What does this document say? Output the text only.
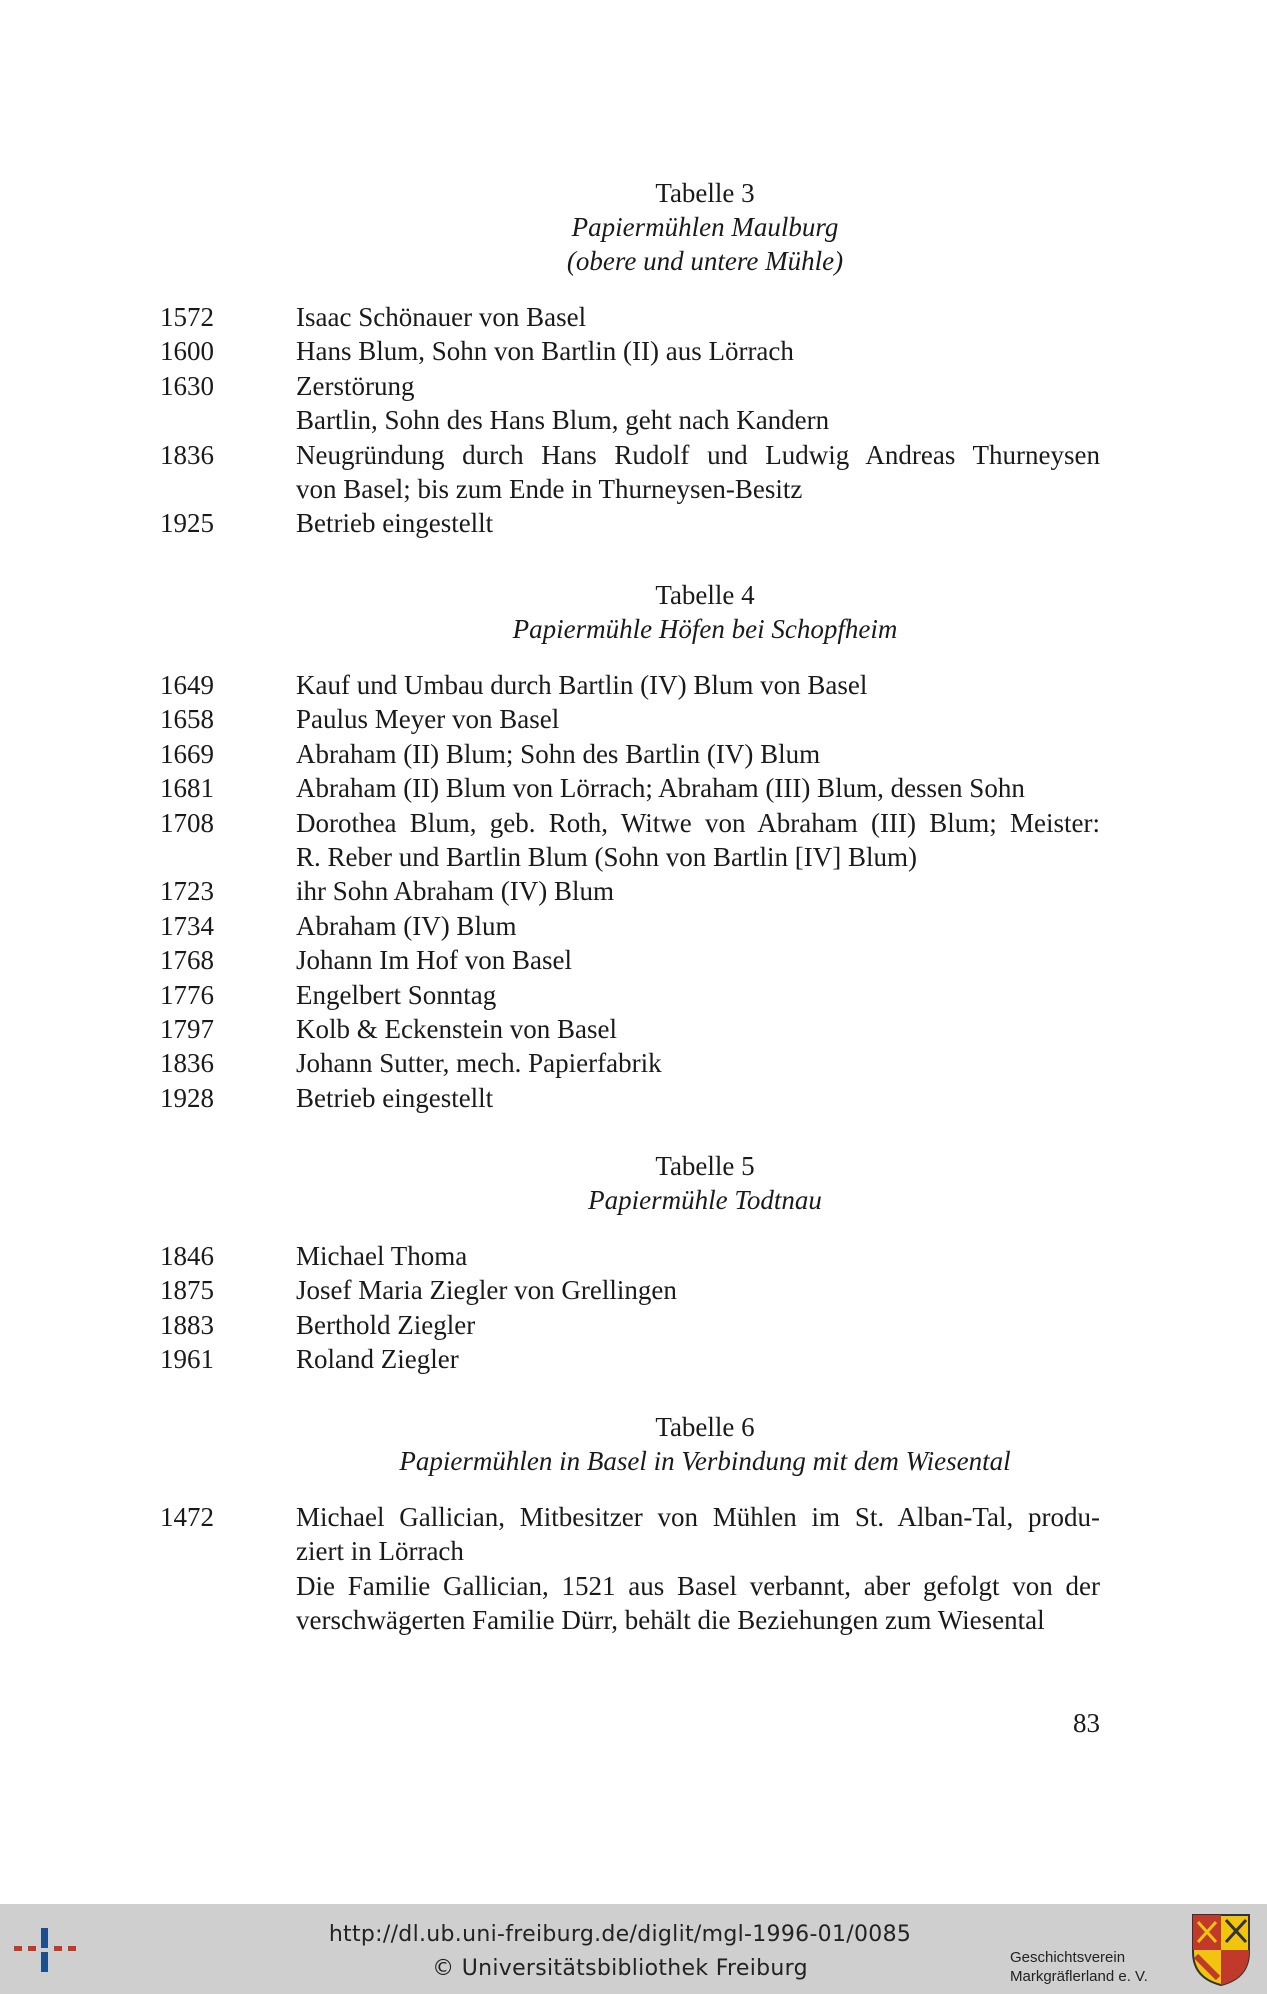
Tabelle 3

Papiermühlen Maulburg

(obere und untere Mühle)

1572	Isaac Schönauer von Basel
1600	Hans Blum, Sohn von Bartlin (II) aus Lörrach
1630	Zerstörung
Bartlin, Sohn des Hans Blum, geht nach Kandern
1836	Neugründung durch Hans Rudolf und Ludwig Andreas Thurneysen
von Basel; bis zum Ende in Thurneysen-Besitz
1925	Betrieb eingestellt

Tabelle 4

Papiermühle Höfen bei Schopfheim

1649	Kauf und Umbau durch Bartlin (IV) Blum von Basel
1658	Paulus Meyer von Basel
1669	Abraham (II) Blum; Sohn des Bartlin (IV) Blum
1681	Abraham (II) Blum von Lörrach; Abraham (III) Blum, dessen Sohn
1708	Dorothea Blum, geb. Roth, Witwe von Abraham (III) Blum; Meister:
R. Reber und Bartlin Blum (Sohn von Bartlin [IV] Blum)
1723	ihr Sohn Abraham (IV) Blum
1734	Abraham (IV) Blum
1768	Johann Im Hof von Basel
1776	Engelbert Sonntag
1797	Kolb & Eckenstein von Basel
1836	Johann Sutter, mech. Papierfabrik
1928	Betrieb eingestellt

Tabelle 5

Papiermühle Todtnau

1846	Michael Thoma
1875	Josef Maria Ziegler von Grellingen
1883	Berthold Ziegler
1961	Roland Ziegler

Tabelle 6

Papiermühlen in Basel in Verbindung mit dem Wiesental

1472	Michael Gallician, Mitbesitzer von Mühlen im St. Alban-Tal, produ-
ziert in Lörrach
Die Familie Gallician, 1521 aus Basel verbannt, aber gefolgt von der
verschwägerten Familie Dürr, behält die Beziehungen zum Wiesental
83
http://dl.ub.uni-freiburg.de/diglit/mgl-1996-01/0085
© Universitätsbibliothek Freiburg	Geschichtsverein
Markgräflerland e. V.
